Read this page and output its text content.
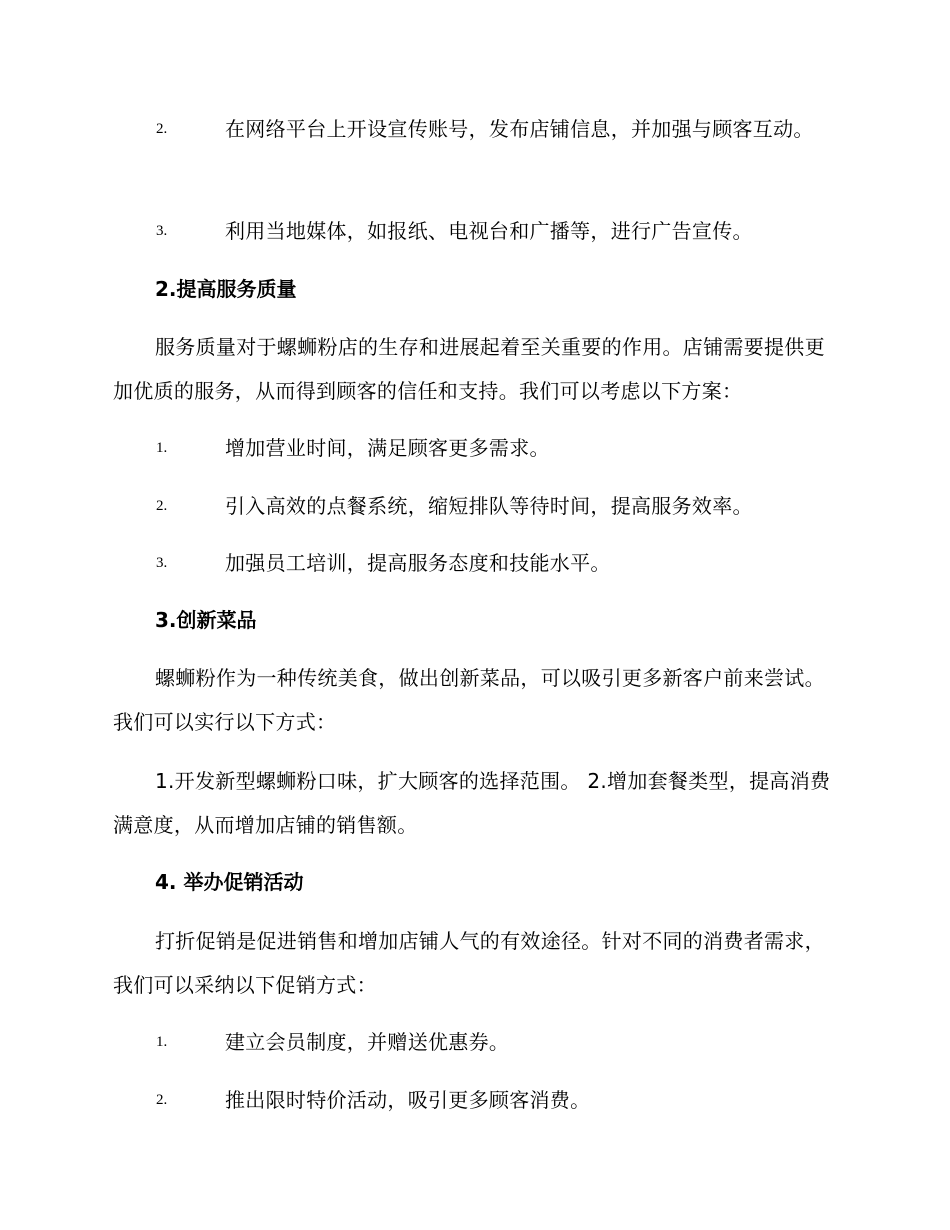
2.	在网络平台上开设宣传账号，发布店铺信息，并加强与顾客互动。
3.	利用当地媒体，如报纸、电视台和广播等，进行广告宣传。
2.提高服务质量
服务质量对于螺蛳粉店的生存和进展起着至关重要的作用。店铺需要提供更加优质的服务，从而得到顾客的信任和支持。我们可以考虑以下方案：
1.	增加营业时间，满足顾客更多需求。
2.	引入高效的点餐系统，缩短排队等待时间，提高服务效率。
3.	加强员工培训，提高服务态度和技能水平。
3.创新菜品
螺蛳粉作为一种传统美食，做出创新菜品，可以吸引更多新客户前来尝试。我们可以实行以下方式：
1.开发新型螺蛳粉口味，扩大顾客的选择范围。 2.增加套餐类型，提高消费满意度，从而增加店铺的销售额。
4. 举办促销活动
打折促销是促进销售和增加店铺人气的有效途径。针对不同的消费者需求，我们可以采纳以下促销方式：
1.	建立会员制度，并赠送优惠券。
2.	推出限时特价活动，吸引更多顾客消费。
